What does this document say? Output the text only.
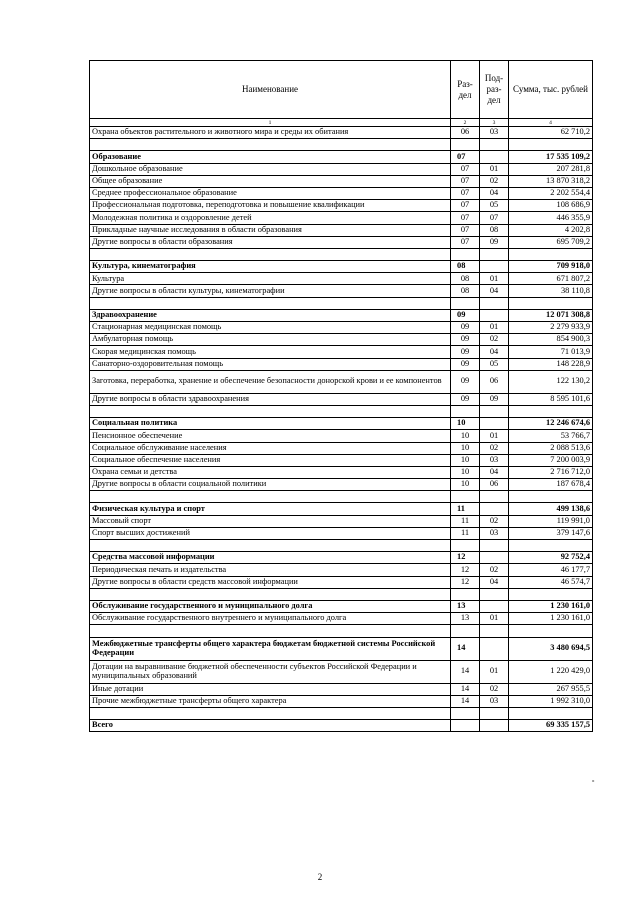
Наименование	Раз-дел	Под-раз-дел	Сумма, тыс. рублей
1	2	3	4
Охрана объектов растительного и животного мира и среды их обитания	06	03	62 710,2

Образование	07		17 535 109,2
Дошкольное образование	07	01	207 281,8
Общее образование	07	02	13 870 318,2
Среднее профессиональное образование	07	04	2 202 554,4
Профессиональная подготовка, переподготовка и повышение квалификации	07	05	108 686,9
Молодежная политика и оздоровление детей	07	07	446 355,9
Прикладные научные исследования в области образования	07	08	4 202,8
Другие вопросы в области образования	07	09	695 709,2

Культура, кинематография	08		709 918,0
Культура	08	01	671 807,2
Другие вопросы в области культуры, кинематографии	08	04	38 110,8

Здравоохранение	09		12 071 308,8
Стационарная медицинская помощь	09	01	2 279 933,9
Амбулаторная помощь	09	02	854 900,3
Скорая медицинская помощь	09	04	71 013,9
Санаторно-оздоровительная помощь	09	05	148 228,9
Заготовка, переработка, хранение и обеспечение безопасности донорской крови и ее компонентов	09	06	122 130,2
Другие вопросы в области здравоохранения	09	09	8 595 101,6

Социальная политика	10		12 246 674,6
Пенсионное обеспечение	10	01	53 766,7
Социальное обслуживание населения	10	02	2 088 513,6
Социальное обеспечение населения	10	03	7 200 003,9
Охрана семьи и детства	10	04	2 716 712,0
Другие вопросы в области социальной политики	10	06	187 678,4

Физическая культура и спорт	11		499 138,6
Массовый спорт	11	02	119 991,0
Спорт высших достижений	11	03	379 147,6

Средства массовой информации	12		92 752,4
Периодическая печать и издательства	12	02	46 177,7
Другие вопросы в области средств массовой информации	12	04	46 574,7

Обслуживание государственного и муниципального долга	13		1 230 161,0
Обслуживание государственного внутреннего и муниципального долга	13	01	1 230 161,0

Межбюджетные трансферты общего характера бюджетам бюджетной системы Российской Федерации	14		3 480 694,5
Дотации на выравнивание бюджетной обеспеченности субъектов Российской Федерации и муниципальных образований	14	01	1 220 429,0
Иные дотации	14	02	267 955,5
Прочие межбюджетные трансферты общего характера	14	03	1 992 310,0

Всего			69 335 157,5
»
2
